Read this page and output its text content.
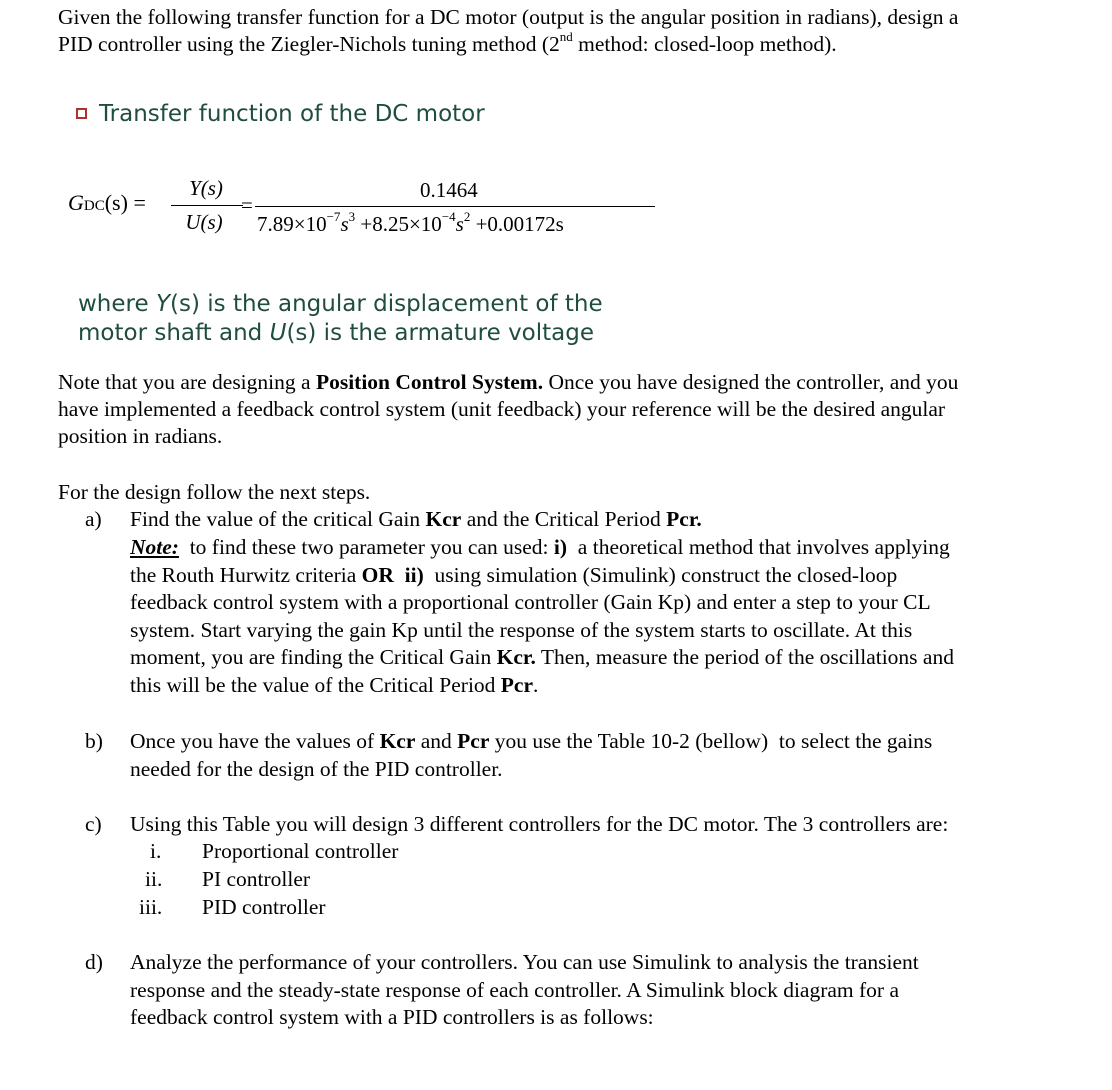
Given the following transfer function for a DC motor (output is the angular position in radians), design a
PID controller using the Ziegler-Nichols tuning method (2nd method: closed-loop method).
Transfer function of the DC motor
GDC(s) =
Y(s)
U(s)
=
0.1464
$7.89\times 10^{-7}s^3 +8.25\times 10^{-4}s^2 +0.00172s$
where Y(s) is the angular displacement of the
motor shaft and U(s) is the armature voltage
Note that you are designing a Position Control System. Once you have designed the controller, and you
have implemented a feedback control system (unit feedback) your reference will be the desired angular
position in radians.
For the design follow the next steps.
a) Find the value of the critical Gain Kcr and the Critical Period Pcr.
Note:  to find these two parameter you can used: i)  a theoretical method that involves applying
the Routh Hurwitz criteria OR  ii)  using simulation (Simulink) construct the closed-loop
feedback control system with a proportional controller (Gain Kp) and enter a step to your CL
system. Start varying the gain Kp until the response of the system starts to oscillate. At this
moment, you are finding the Critical Gain Kcr. Then, measure the period of the oscillations and
this will be the value of the Critical Period Pcr.
b) Once you have the values of Kcr and Pcr you use the Table 10-2 (bellow)  to select the gains
needed for the design of the PID controller.
c) Using this Table you will design 3 different controllers for the DC motor. The 3 controllers are:
i. Proportional controller
ii. PI controller
iii. PID controller
d) Analyze the performance of your controllers. You can use Simulink to analysis the transient
response and the steady-state response of each controller. A Simulink block diagram for a
feedback control system with a PID controllers is as follows:
